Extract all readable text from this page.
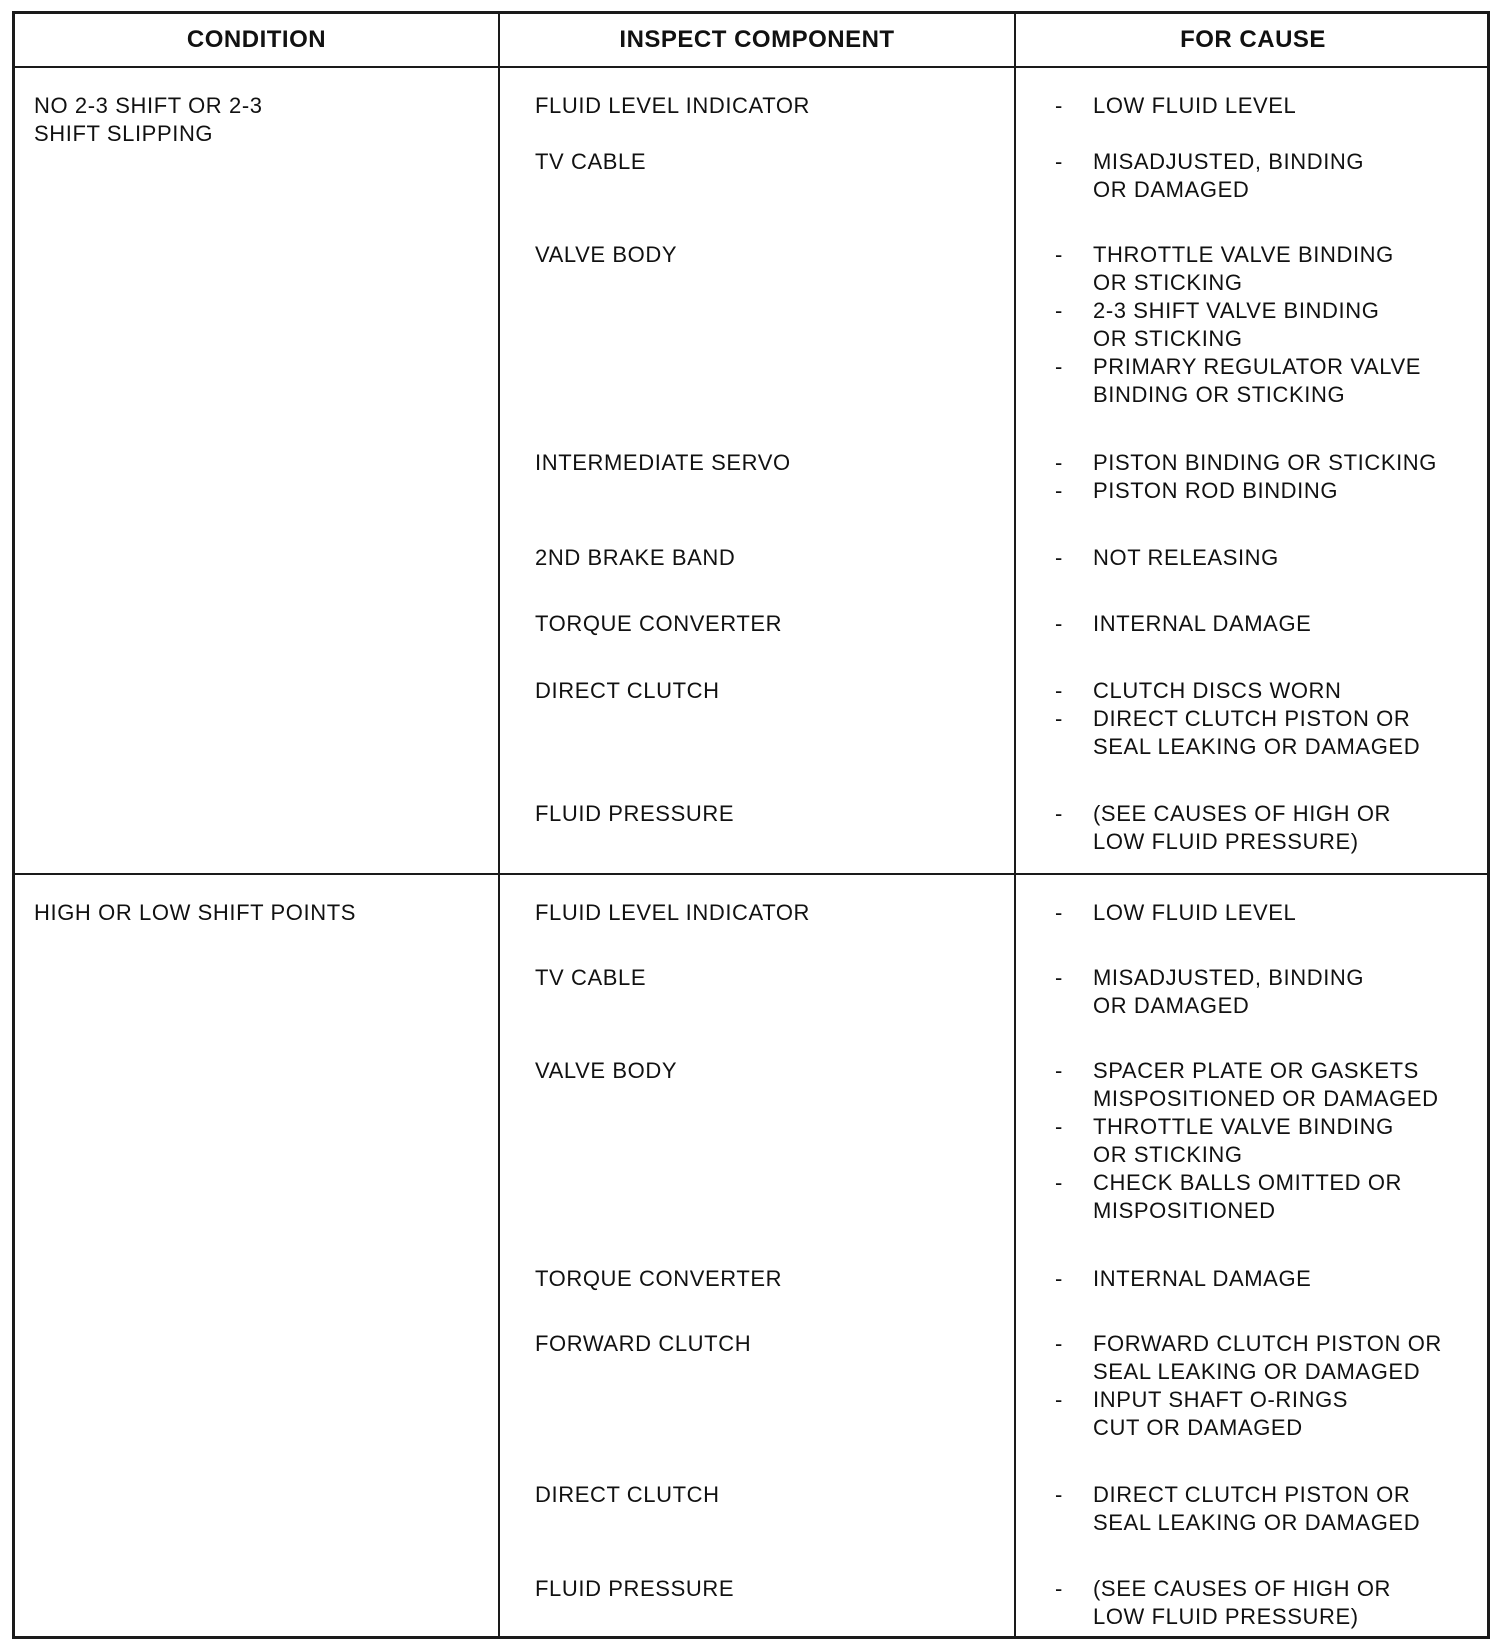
CONDITION	INSPECT COMPONENT	FOR CAUSE
NO 2-3 SHIFT OR 2-3
SHIFT SLIPPING
FLUID LEVEL INDICATOR	- LOW FLUID LEVEL
TV CABLE	- MISADJUSTED, BINDING
OR DAMAGED
VALVE BODY	- THROTTLE VALVE BINDING
OR STICKING
- 2-3 SHIFT VALVE BINDING
OR STICKING
- PRIMARY REGULATOR VALVE
BINDING OR STICKING
INTERMEDIATE SERVO	- PISTON BINDING OR STICKING
- PISTON ROD BINDING
2ND BRAKE BAND	- NOT RELEASING
TORQUE CONVERTER	- INTERNAL DAMAGE
DIRECT CLUTCH	- CLUTCH DISCS WORN
- DIRECT CLUTCH PISTON OR
SEAL LEAKING OR DAMAGED
FLUID PRESSURE	- (SEE CAUSES OF HIGH OR
LOW FLUID PRESSURE)
HIGH OR LOW SHIFT POINTS	FLUID LEVEL INDICATOR	- LOW FLUID LEVEL
TV CABLE	- MISADJUSTED, BINDING
OR DAMAGED
VALVE BODY	- SPACER PLATE OR GASKETS
MISPOSITIONED OR DAMAGED
- THROTTLE VALVE BINDING
OR STICKING
- CHECK BALLS OMITTED OR
MISPOSITIONED
TORQUE CONVERTER	- INTERNAL DAMAGE
FORWARD CLUTCH	- FORWARD CLUTCH PISTON OR
SEAL LEAKING OR DAMAGED
- INPUT SHAFT O-RINGS
CUT OR DAMAGED
DIRECT CLUTCH	- DIRECT CLUTCH PISTON OR
SEAL LEAKING OR DAMAGED
FLUID PRESSURE	- (SEE CAUSES OF HIGH OR
LOW FLUID PRESSURE)
